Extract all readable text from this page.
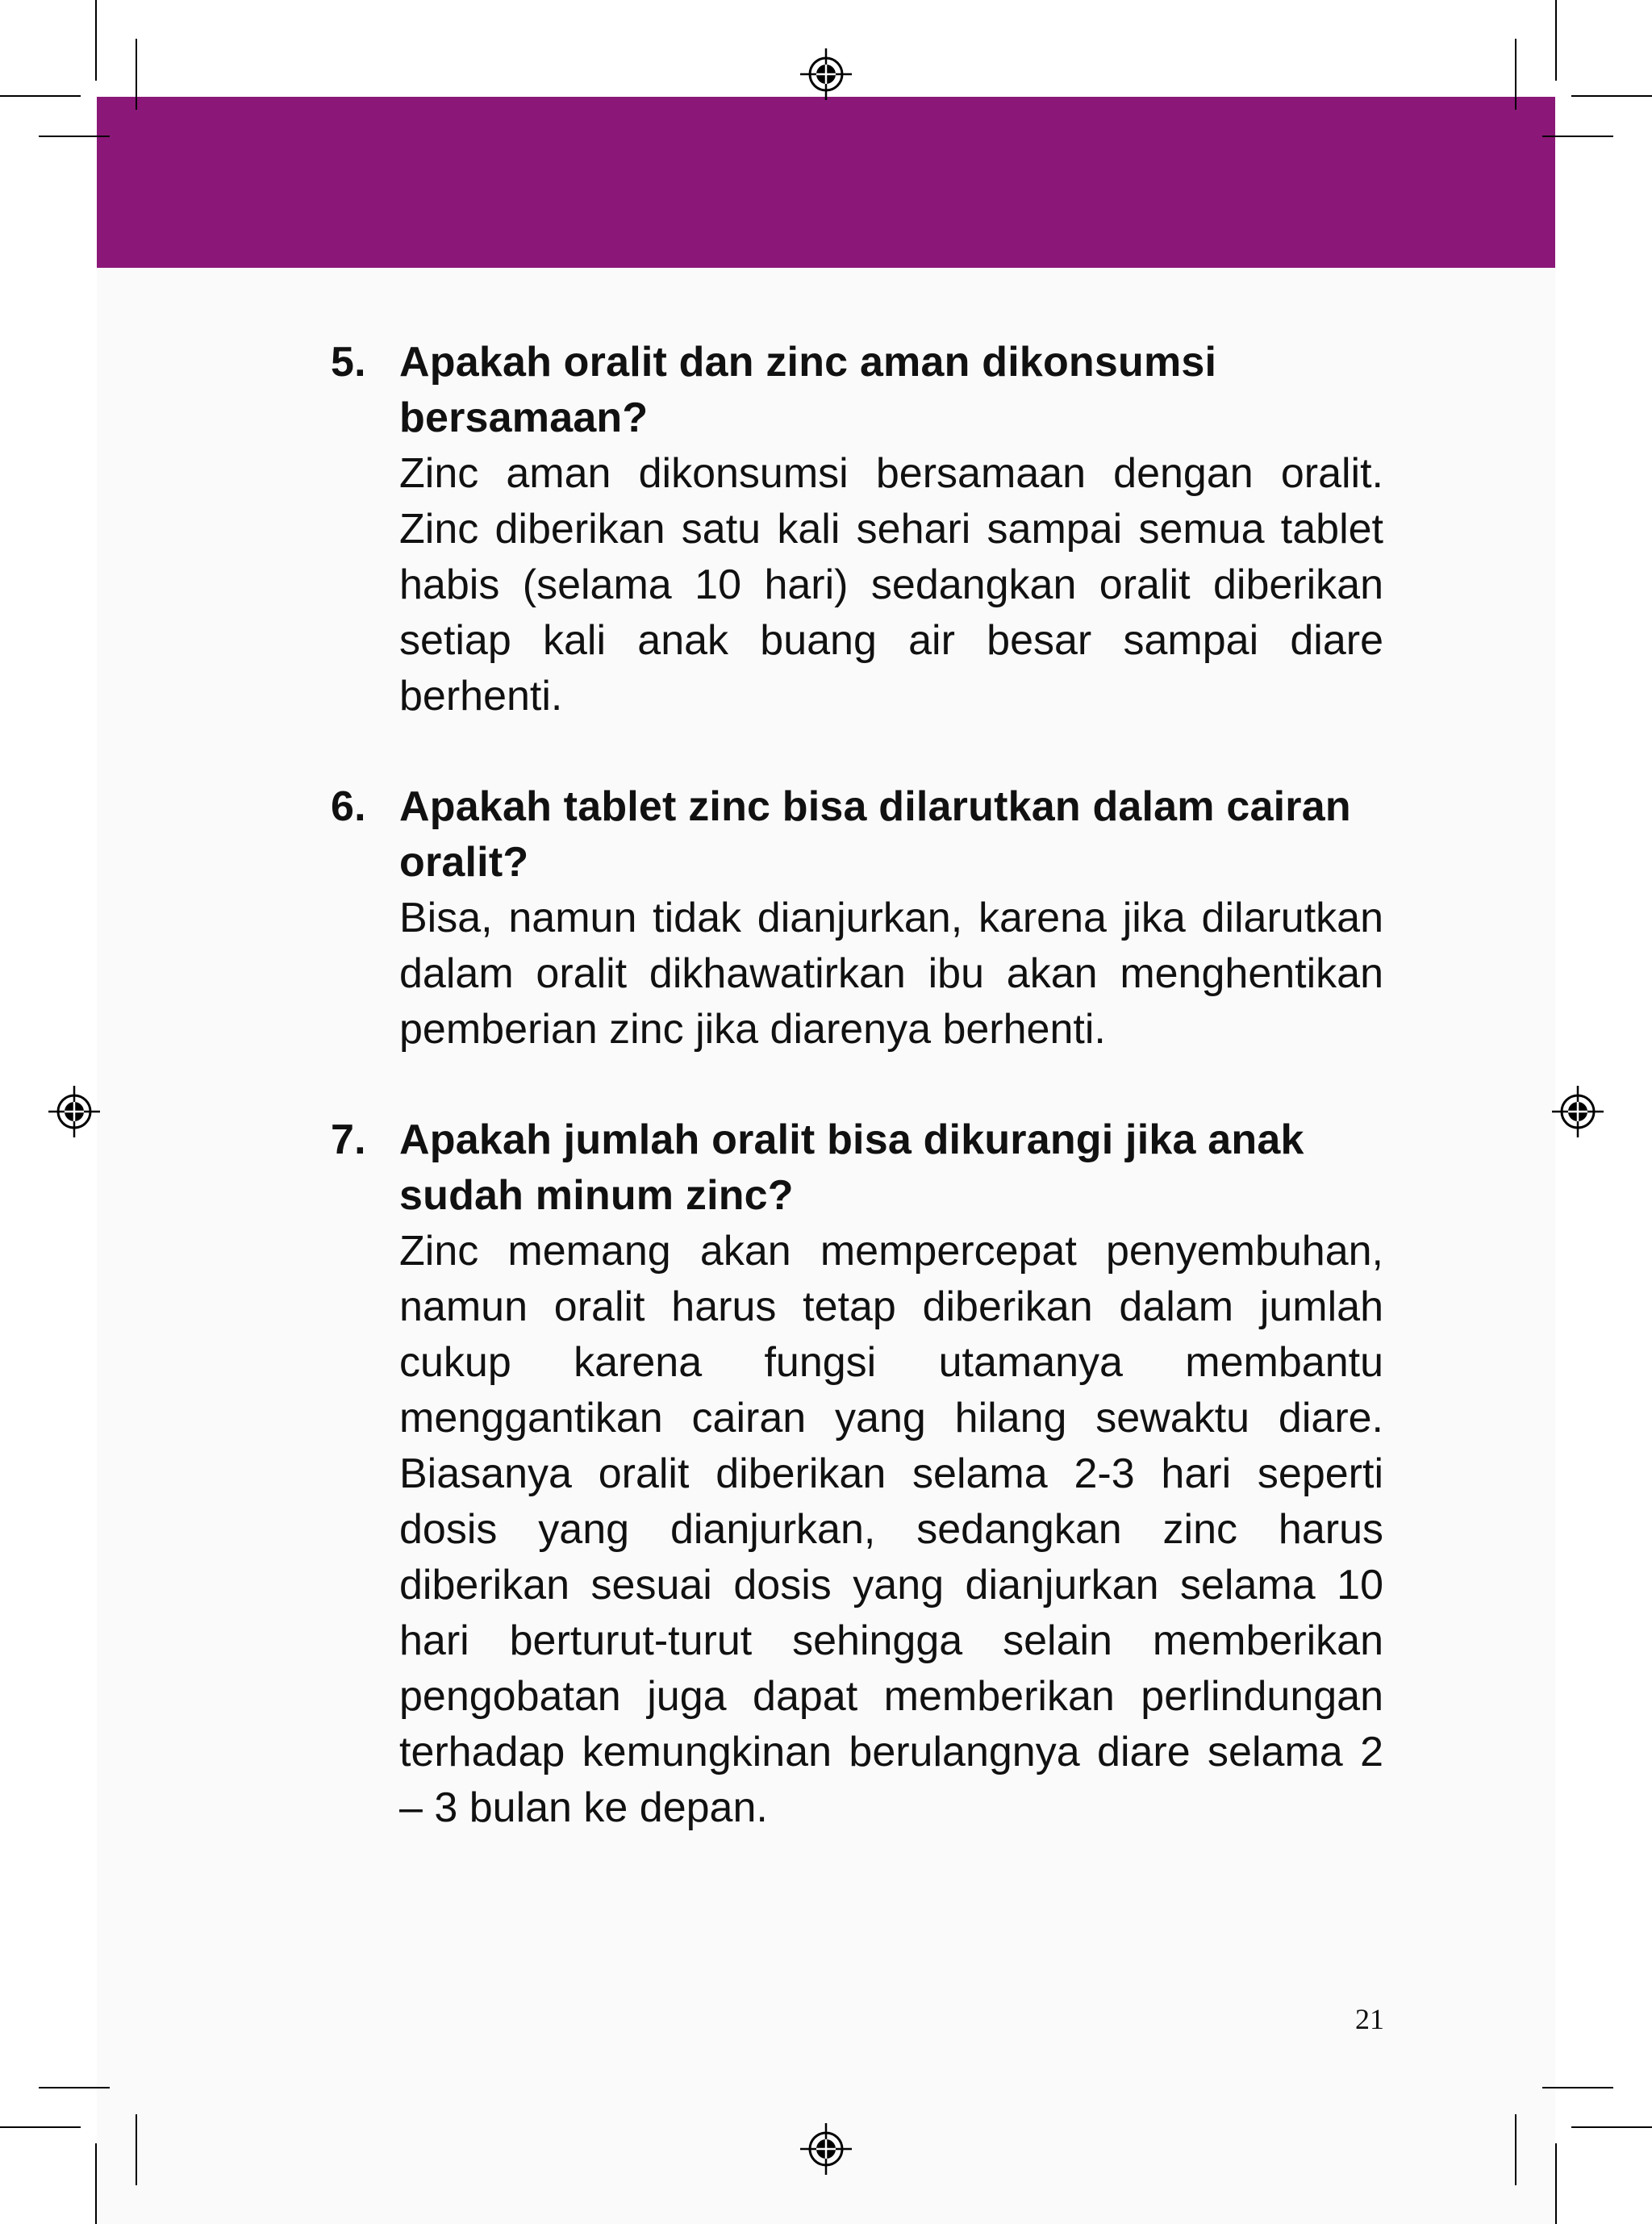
5. Apakah oralit dan zinc aman dikonsumsi bersamaan?
Zinc aman dikonsumsi bersamaan dengan oralit. Zinc diberikan satu kali sehari sampai semua tablet habis (selama 10 hari) sedangkan oralit diberikan setiap kali anak buang air besar sampai diare berhenti.
6. Apakah tablet zinc bisa dilarutkan dalam cairan oralit?
Bisa, namun tidak dianjurkan, karena jika dilarutkan dalam oralit dikhawatirkan ibu akan menghentikan pemberian zinc jika diarenya berhenti.
7. Apakah jumlah oralit bisa dikurangi jika anak sudah minum zinc?
Zinc memang akan mempercepat penyembuhan, namun oralit harus tetap diberikan dalam jumlah cukup karena fungsi utamanya membantu menggantikan cairan yang hilang sewaktu diare. Biasanya oralit diberikan selama 2-3 hari seperti dosis yang dianjurkan, sedangkan zinc harus diberikan sesuai dosis yang dianjurkan selama 10 hari berturut-turut sehingga selain memberikan pengobatan juga dapat memberikan perlindungan terhadap kemungkinan berulangnya diare selama 2 – 3 bulan ke depan.
21
